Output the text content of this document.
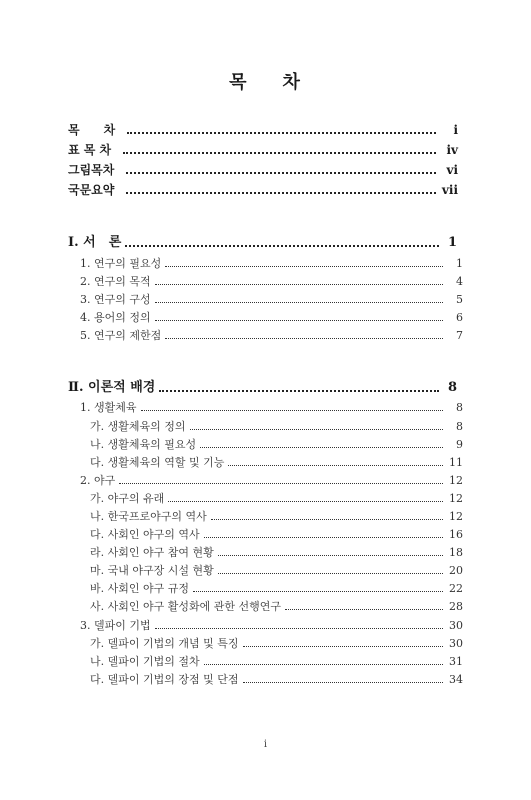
목 차
목　　차	i
표 목 차	iv
그림목차	vi
국문요약	vii
Ⅰ. 서　론	1
1. 연구의 필요성	1
2. 연구의 목적	4
3. 연구의 구성	5
4. 용어의 정의	6
5. 연구의 제한점	7
Ⅱ. 이론적 배경	8
1. 생활체육	8
가. 생활체육의 정의	8
나. 생활체육의 필요성	9
다. 생활체육의 역할 및 기능	11
2. 야구	12
가. 야구의 유래	12
나. 한국프로야구의 역사	12
다. 사회인 야구의 역사	16
라. 사회인 야구 참여 현황	18
마. 국내 야구장 시설 현황	20
바. 사회인 야구 규정	22
사. 사회인 야구 활성화에 관한 선행연구	28
3. 델파이 기법	30
가. 델파이 기법의 개념 및 특징	30
나. 델파이 기법의 절차	31
다. 델파이 기법의 장점 및 단점	34
i
